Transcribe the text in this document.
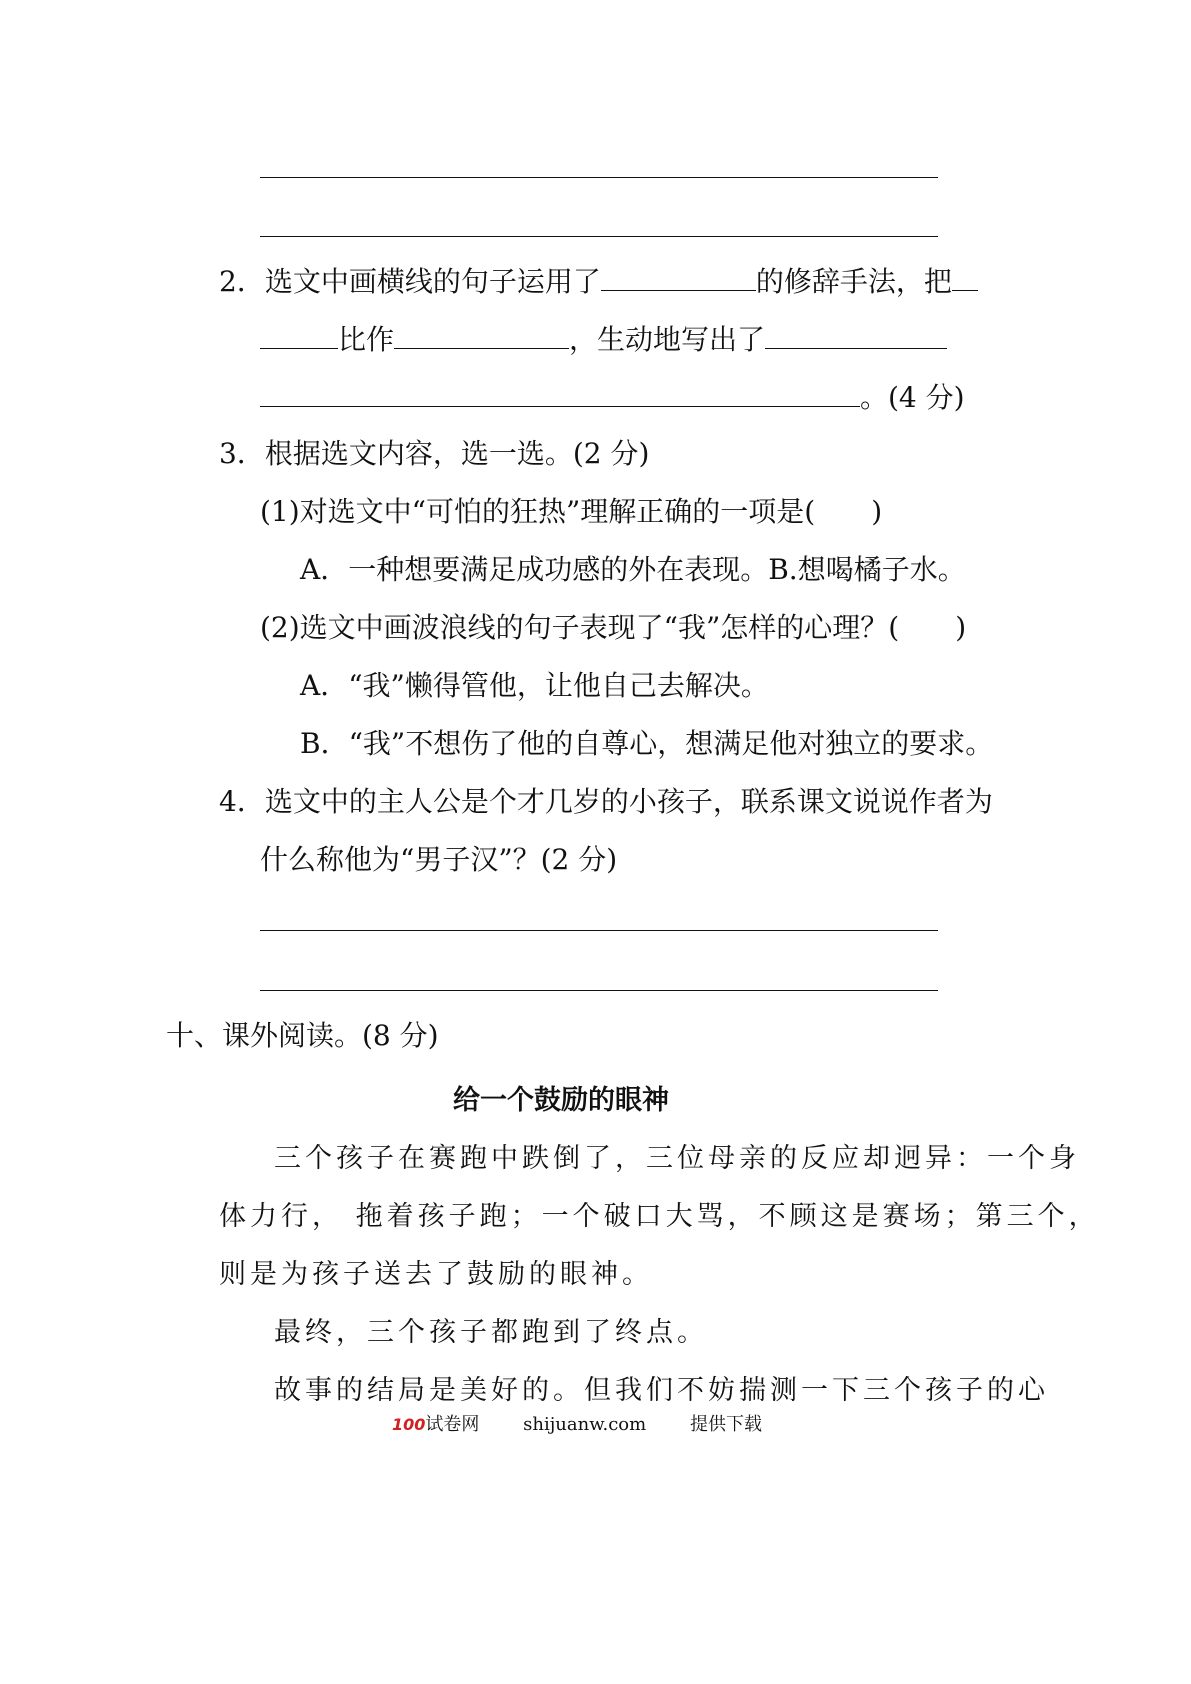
2．选文中画横线的句子运用了	的修辞手法，把
比作	，生动地写出了
。(4 分)
3．根据选文内容，选一选。(2 分)
(1)对选文中“可怕的狂热”理解正确的一项是(　　)
A．一种想要满足成功感的外在表现。B.想喝橘子水。
(2)选文中画波浪线的句子表现了“我”怎样的心理？(　　)
A．“我”懒得管他，让他自己去解决。
B．“我”不想伤了他的自尊心，想满足他对独立的要求。
4．选文中的主人公是个才几岁的小孩子，联系课文说说作者为
什么称他为“男子汉”？(2 分)
十、课外阅读。(8 分)
给一个鼓励的眼神
三个孩子在赛跑中跌倒了，三位母亲的反应却迥异：一个身
体力行， 拖着孩子跑；一个破口大骂，不顾这是赛场；第三个，
则是为孩子送去了鼓励的眼神。
最终，三个孩子都跑到了终点。
故事的结局是美好的。但我们不妨揣测一下三个孩子的心
100试卷网 shijuanw.com 提供下载
